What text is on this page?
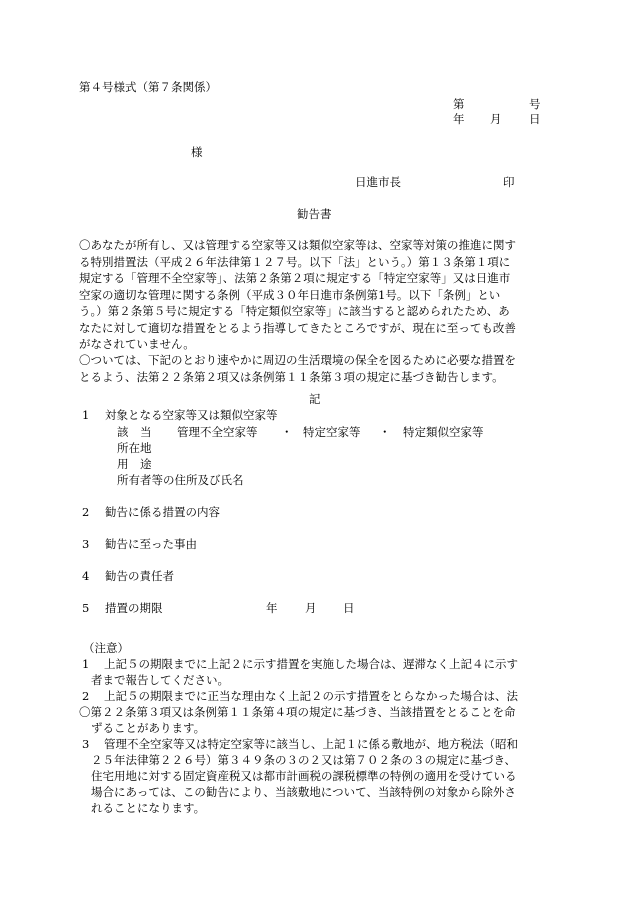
第４号様式（第７条関係）
第	号
年 月 日
様
日進市長	印
勧告書
〇あなたが所有し、又は管理する空家等又は類似空家等は、空家等対策の推進に関す
る特別措置法（平成２６年法律第１２７号。以下「法」という。）第１３条第１項に
規定する「管理不全空家等」、法第２条第２項に規定する「特定空家等」又は日進市
空家の適切な管理に関する条例（平成３０年日進市条例第1号。以下「条例」とい
う。）第２条第５号に規定する「特定類似空家等」に該当すると認められたため、あ
なたに対して適切な措置をとるよう指導してきたところですが、現在に至っても改善
がなされていません。
〇ついては、下記のとおり速やかに周辺の生活環境の保全を図るために必要な措置を
とるよう、法第２２条第２項又は条例第１１条第３項の規定に基づき勧告します。
記
1 対象となる空家等又は類似空家等
該　当 管理不全空家等 ・ 特定空家等 ・ 特定類似空家等
所在地
用　途
所有者等の住所及び氏名
2 勧告に係る措置の内容
3 勧告に至った事由
4 勧告の責任者
5 措置の期限	年 月 日
（注意）
1 上記５の期限までに上記２に示す措置を実施した場合は、遅滞なく上記４に示す
者まで報告してください。
2 上記５の期限までに正当な理由なく上記２の示す措置をとらなかった場合は、法
〇第２２条第３項又は条例第１１条第４項の規定に基づき、当該措置をとることを命
ずることがあります。
3 管理不全空家等又は特定空家等に該当し、上記１に係る敷地が、地方税法（昭和
２５年法律第２２６号）第３４９条の３の２又は第７０２条の３の規定に基づき、
住宅用地に対する固定資産税又は都市計画税の課税標準の特例の適用を受けている
場合にあっては、この勧告により、当該敷地について、当該特例の対象から除外さ
れることになります。
